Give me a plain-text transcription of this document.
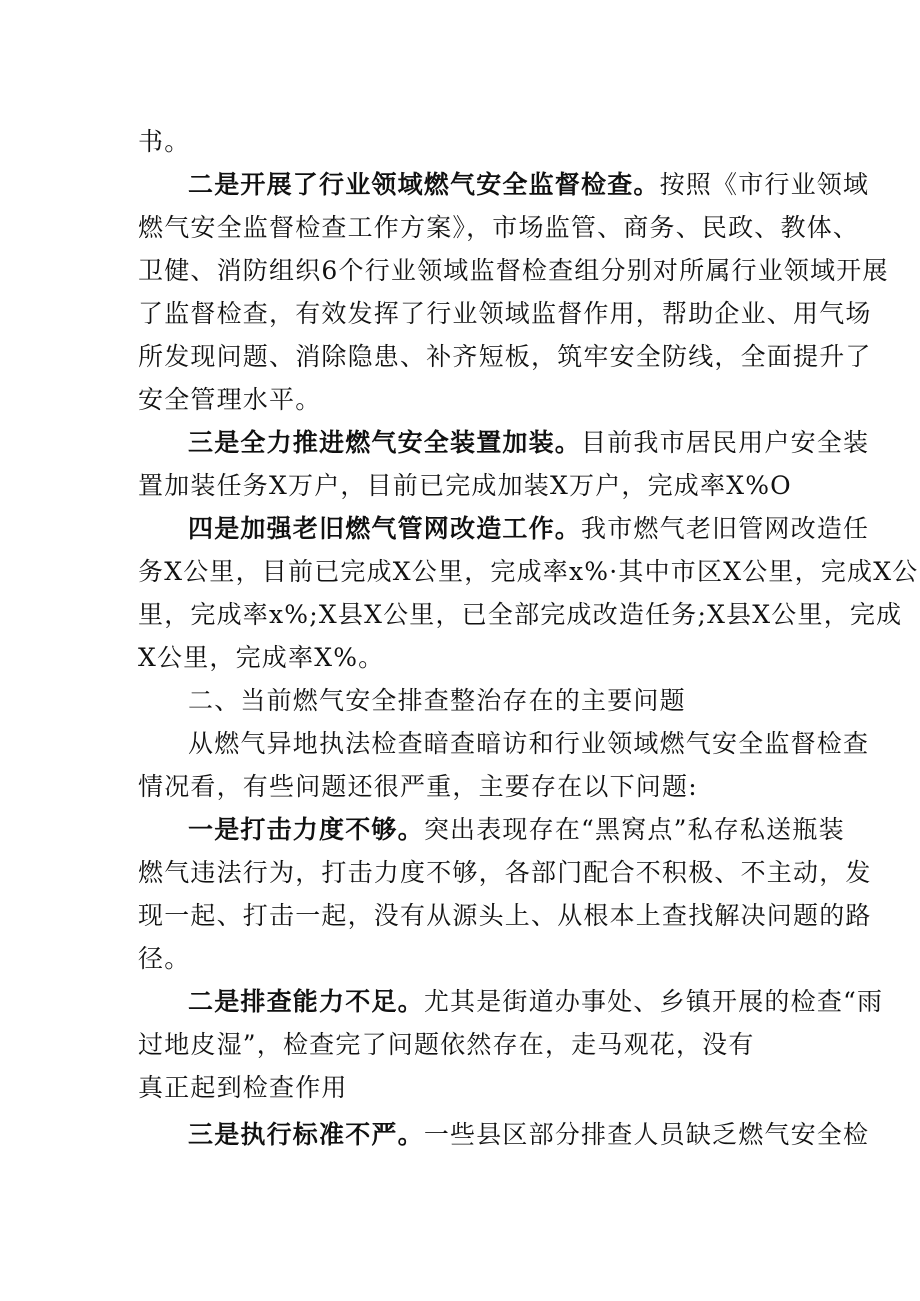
书。
二是开展了行业领域燃气安全监督检查。按照《市行业领域
燃气安全监督检查工作方案》，市场监管、商务、民政、教体、
卫健、消防组织6个行业领域监督检查组分别对所属行业领域开展
了监督检查，有效发挥了行业领域监督作用，帮助企业、用气场
所发现问题、消除隐患、补齐短板，筑牢安全防线，全面提升了
安全管理水平。
三是全力推进燃气安全装置加装。目前我市居民用户安全装
置加装任务X万户，目前已完成加装X万户，完成率X%O
四是加强老旧燃气管网改造工作。我市燃气老旧管网改造任
务X公里，目前已完成X公里，完成率x%·其中市区X公里，完成X公
里，完成率x%;X县X公里，已全部完成改造任务;X县X公里，完成
X公里，完成率X%。
二、当前燃气安全排查整治存在的主要问题
从燃气异地执法检查暗查暗访和行业领域燃气安全监督检查
情况看，有些问题还很严重，主要存在以下问题:
一是打击力度不够。突出表现存在“黑窝点”私存私送瓶装
燃气违法行为，打击力度不够，各部门配合不积极、不主动，发
现一起、打击一起，没有从源头上、从根本上查找解决问题的路
径。
二是排查能力不足。尤其是街道办事处、乡镇开展的检查“雨
过地皮湿”，检查完了问题依然存在，走马观花，没有
真正起到检查作用
三是执行标准不严。一些县区部分排查人员缺乏燃气安全检
